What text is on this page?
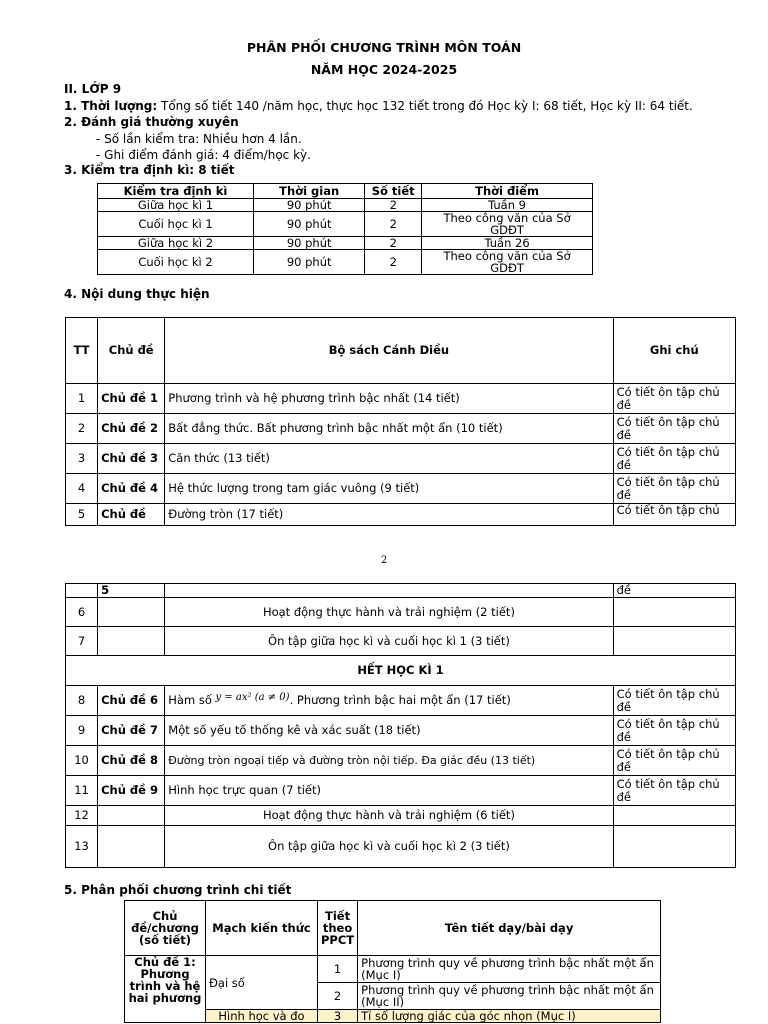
PHÂN PHỐI CHƯƠNG TRÌNH MÔN TOÁN
NĂM HỌC 2024-2025
II. LỚP 9
1. Thời lượng: Tổng số tiết 140 /năm học, thực học 132 tiết trong đó Học kỳ I: 68 tiết, Học kỳ II: 64 tiết.
2. Đánh giá thường xuyên
- Số lần kiểm tra: Nhiều hơn 4 lần.
- Ghi điểm đánh giá: 4 điểm/học kỳ.
3. Kiểm tra định kì: 8 tiết
Kiểm tra định kì	Thời gian	Số tiết	Thời điểm
Giữa học kì 1	90 phút	2	Tuần 9
Cuối học kì 1	90 phút	2	Theo công văn của Sở GDĐT
Giữa học kì 2	90 phút	2	Tuần 26
Cuối học kì 2	90 phút	2	Theo công văn của Sở GDĐT
4. Nội dung thực hiện
TT	Chủ đề	Bộ sách Cánh Diều	Ghi chú
1	Chủ đề 1	Phương trình và hệ phương trình bậc nhất (14 tiết)	Có tiết ôn tập chủ đề
2	Chủ đề 2	Bất đẳng thức. Bất phương trình bậc nhất một ẩn (10 tiết)	Có tiết ôn tập chủ đề
3	Chủ đề 3	Căn thức (13 tiết)	Có tiết ôn tập chủ đề
4	Chủ đề 4	Hệ thức lượng trong tam giác vuông (9 tiết)	Có tiết ôn tập chủ đề
5	Chủ đề	Đường tròn (17 tiết)	Có tiết ôn tập chủ
2
	5		đề
6		Hoạt động thực hành và trải nghiệm (2 tiết)	
7		Ôn tập giữa học kì và cuối học kì 1 (3 tiết)	
HẾT HỌC KÌ 1			
8	Chủ đề 6	Hàm số y = ax² (a ≠ 0). Phương trình bậc hai một ẩn (17 tiết)	Có tiết ôn tập chủ đề
9	Chủ đề 7	Một số yếu tố thống kê và xác suất (18 tiết)	Có tiết ôn tập chủ đề
10	Chủ đề 8	Đường tròn ngoại tiếp và đường tròn nội tiếp. Đa giác đều (13 tiết)	Có tiết ôn tập chủ đề
11	Chủ đề 9	Hình học trực quan (7 tiết)	Có tiết ôn tập chủ đề
12		Hoạt động thực hành và trải nghiệm (6 tiết)	
13		Ôn tập giữa học kì và cuối học kì 2 (3 tiết)	
5. Phân phối chương trình chi tiết
Chủ đề/chương (số tiết)	Mạch kiến thức	Tiết theo PPCT	Tên tiết dạy/bài dạy
Chủ đề 1: Phương trình và hệ hai phương	Đại số	1	Phương trình quy về phương trình bậc nhất một ẩn (Mục I)
		2	Phương trình quy về phương trình bậc nhất một ẩn (Mục II)
	Hình học và đo	3	Tỉ số lượng giác của góc nhọn (Mục I)
